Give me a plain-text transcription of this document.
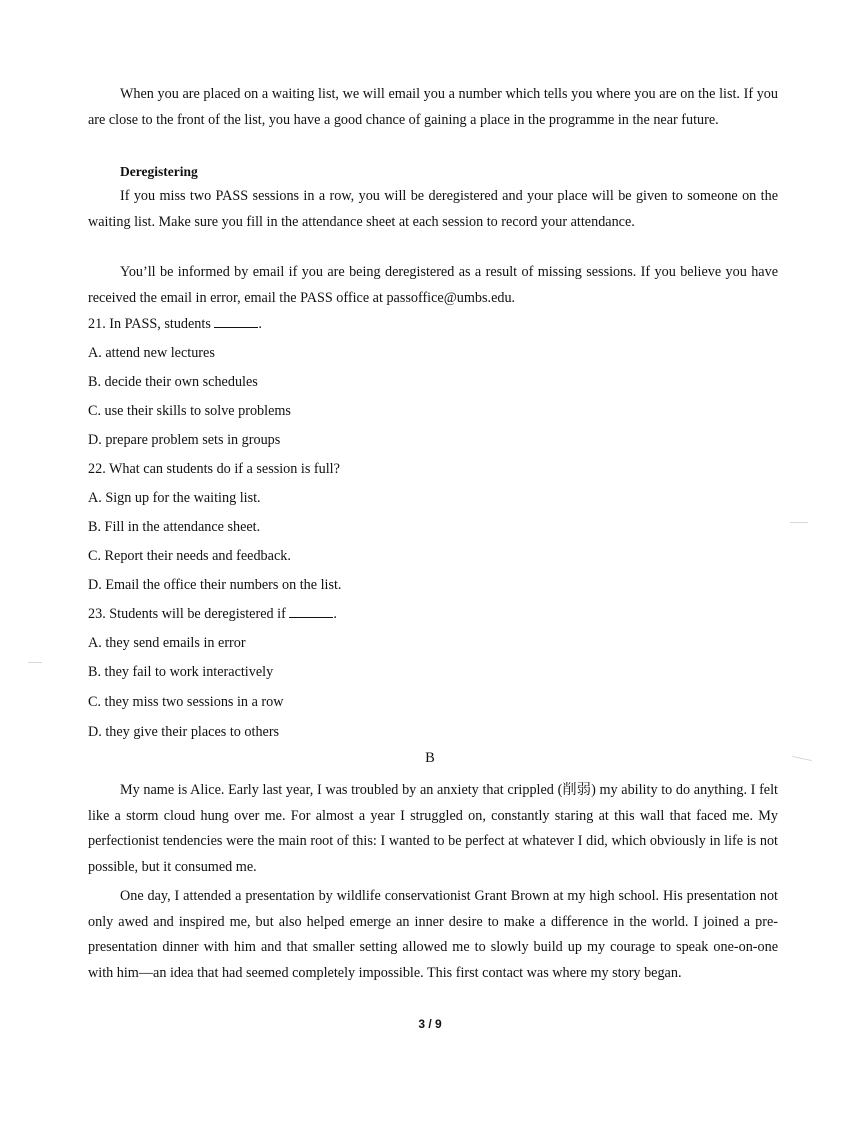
When you are placed on a waiting list, we will email you a number which tells you where you are on the list. If you are close to the front of the list, you have a good chance of gaining a place in the programme in the near future.
Deregistering
If you miss two PASS sessions in a row, you will be deregistered and your place will be given to someone on the waiting list. Make sure you fill in the attendance sheet at each session to record your attendance.
You’ll be informed by email if you are being deregistered as a result of missing sessions. If you believe you have received the email in error, email the PASS office at passoffice@umbs.edu.
21. In PASS, students	.
A. attend new lectures
B. decide their own schedules
C. use their skills to solve problems
D. prepare problem sets in groups
22. What can students do if a session is full?
A. Sign up for the waiting list.
B. Fill in the attendance sheet.
C. Report their needs and feedback.
D. Email the office their numbers on the list.
23. Students will be deregistered if	.
A. they send emails in error
B. they fail to work interactively
C. they miss two sessions in a row
D. they give their places to others
B
My name is Alice. Early last year, I was troubled by an anxiety that crippled (削弱) my ability to do anything. I felt like a storm cloud hung over me. For almost a year I struggled on, constantly staring at this wall that faced me. My perfectionist tendencies were the main root of this: I wanted to be perfect at whatever I did, which obviously in life is not possible, but it consumed me.
One day, I attended a presentation by wildlife conservationist Grant Brown at my high school. His presentation not only awed and inspired me, but also helped emerge an inner desire to make a difference in the world. I joined a pre-presentation dinner with him and that smaller setting allowed me to slowly build up my courage to speak one-on-one with him—an idea that had seemed completely impossible. This first contact was where my story began.
3 / 9
